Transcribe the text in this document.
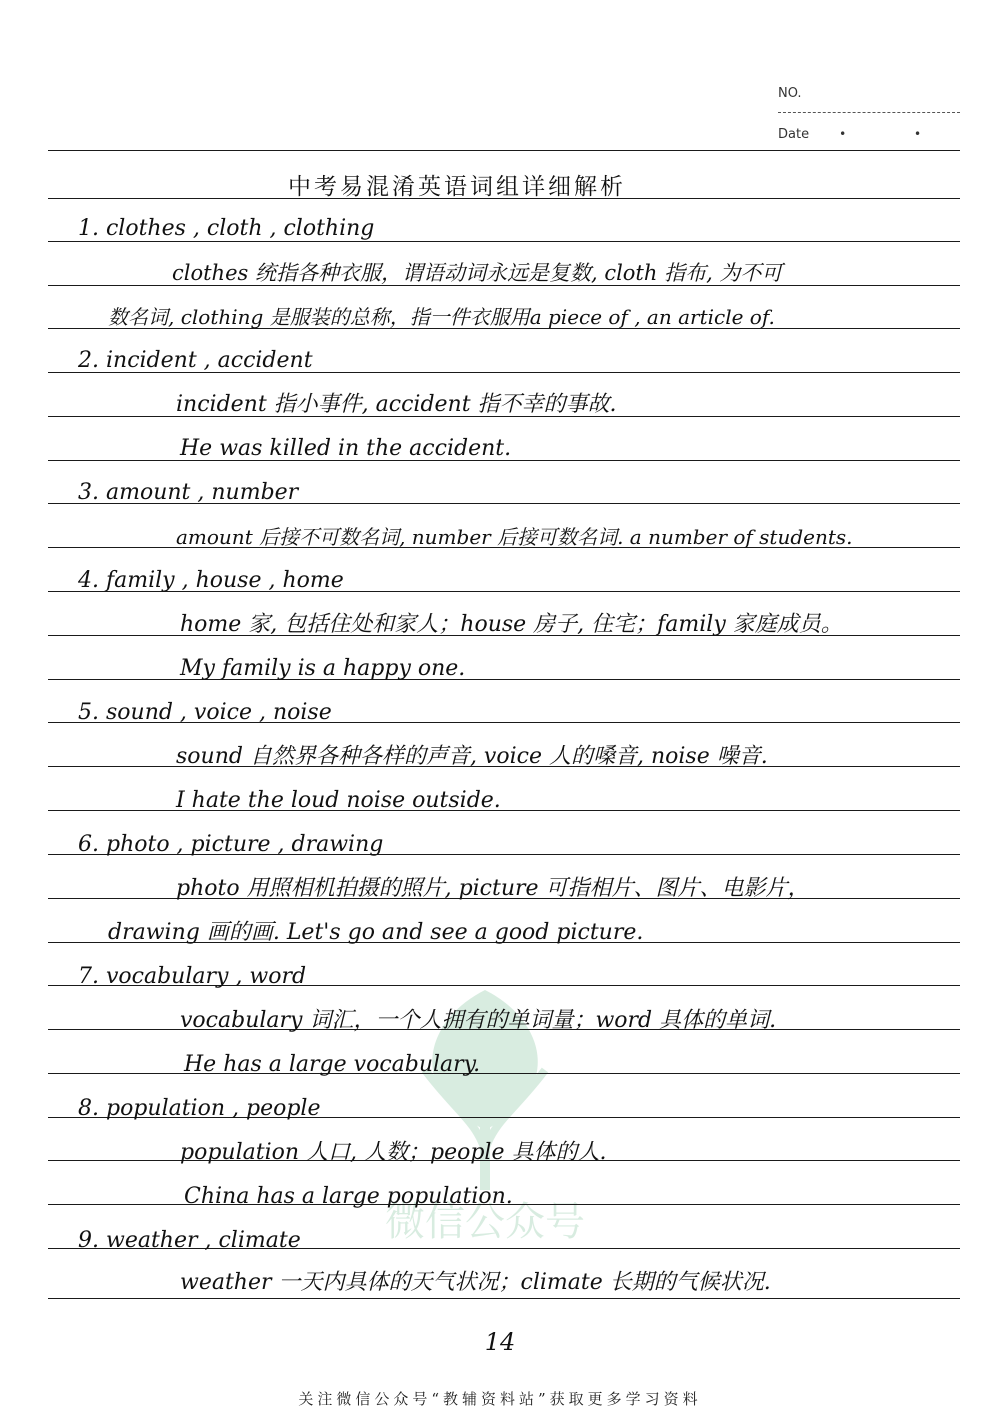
NO.
Date	• •
微信公众号
中考易混淆英语词组详细解析
1. clothes , cloth , clothing
clothes 统指各种衣服，谓语动词永远是复数, cloth 指布, 为不可
数名词, clothing 是服装的总称，指一件衣服用a piece of , an article of.
2. incident , accident
incident 指小事件, accident 指不幸的事故.
He was killed in the accident.
3. amount , number
amount 后接不可数名词, number 后接可数名词. a number of students.
4. family , house , home
home 家, 包括住处和家人；house 房子, 住宅；family 家庭成员。
My family is a happy one.
5. sound , voice , noise
sound 自然界各种各样的声音, voice 人的嗓音, noise 噪音.
I hate the loud noise outside.
6. photo , picture , drawing
photo 用照相机拍摄的照片, picture 可指相片、图片、电影片，
drawing 画的画. Let's go and see a good picture.
7. vocabulary , word
vocabulary 词汇，一个人拥有的单词量；word 具体的单词.
He has a large vocabulary.
8. population , people
population 人口, 人数；people 具体的人.
China has a large population.
9. weather , climate
weather 一天内具体的天气状况；climate 长期的气候状况.
14
关注微信公众号“教辅资料站”获取更多学习资料
